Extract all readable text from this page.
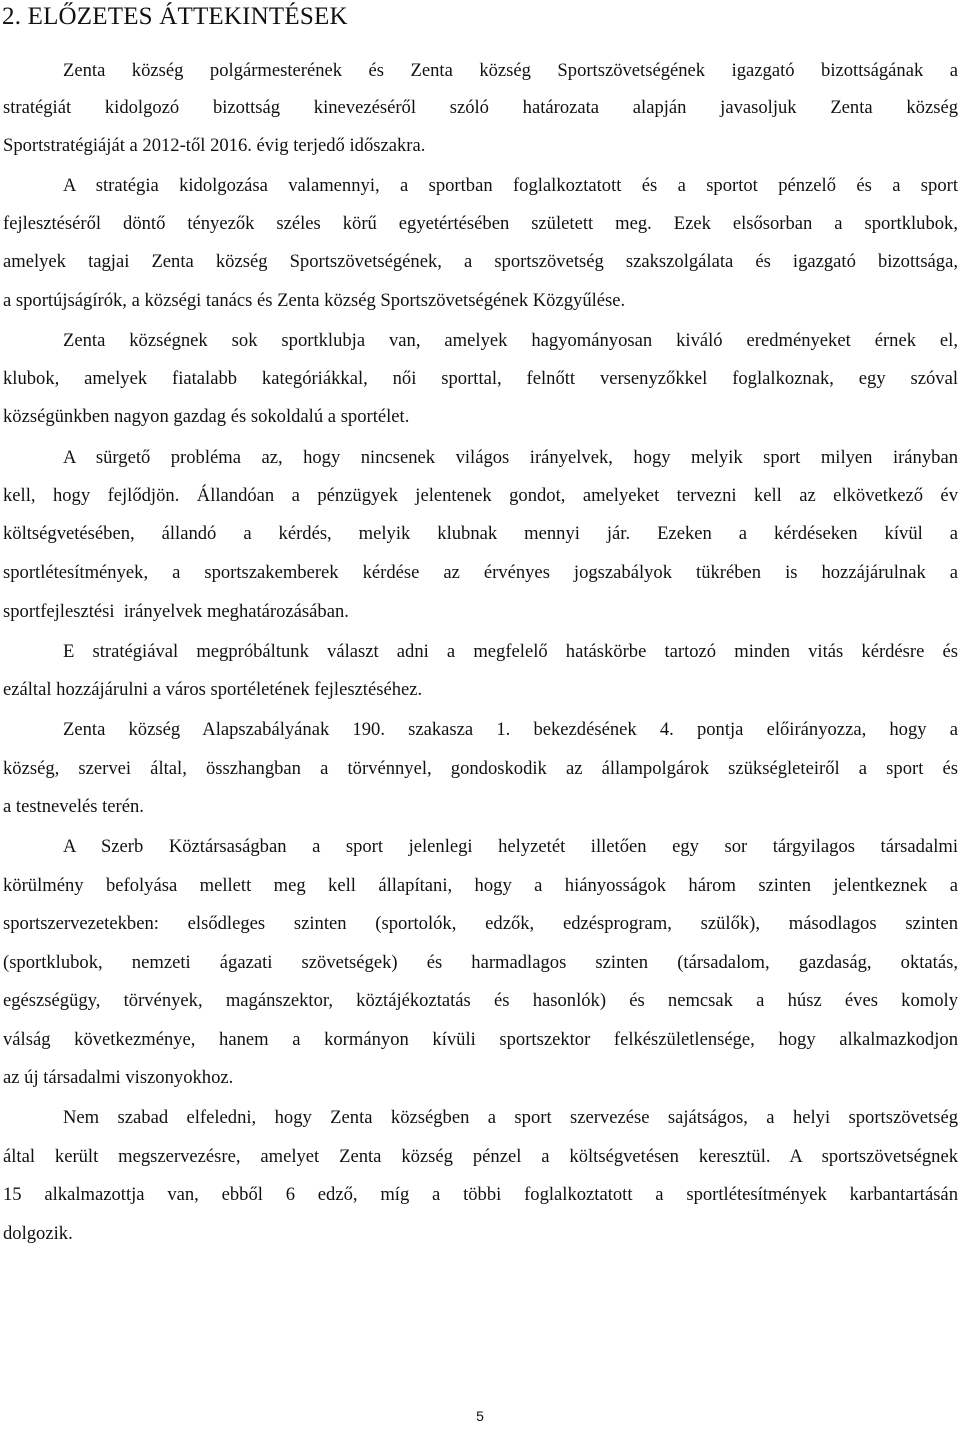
2. ELŐZETES ÁTTEKINTÉSEK
Zenta község polgármesterének és Zenta község Sportszövetségének igazgató bizottságának a
stratégiát kidolgozó bizottság kinevezéséről szóló határozata alapján javasoljuk Zenta község
Sportstratégiáját a 2012-től 2016. évig terjedő időszakra.
A stratégia kidolgozása valamennyi, a sportban foglalkoztatott és a sportot pénzelő és a sport
fejlesztéséről döntő tényezők széles körű egyetértésében született meg. Ezek elsősorban a sportklubok,
amelyek tagjai Zenta község Sportszövetségének, a sportszövetség szakszolgálata és igazgató bizottsága,
a sportújságírók, a községi tanács és Zenta község Sportszövetségének Közgyűlése.
Zenta községnek sok sportklubja van, amelyek hagyományosan kiváló eredményeket érnek el,
klubok, amelyek fiatalabb kategóriákkal, női sporttal, felnőtt versenyzőkkel foglalkoznak, egy szóval
községünkben nagyon gazdag és sokoldalú a sportélet.
A sürgető probléma az, hogy nincsenek világos irányelvek, hogy melyik sport milyen irányban
kell, hogy fejlődjön. Állandóan a pénzügyek jelentenek gondot, amelyeket tervezni kell az elkövetkező év
költségvetésében, állandó a kérdés, melyik klubnak mennyi jár. Ezeken a kérdéseken kívül a
sportlétesítmények, a sportszakemberek kérdése az érvényes jogszabályok tükrében is hozzájárulnak a
sportfejlesztési  irányelvek meghatározásában.
E stratégiával megpróbáltunk választ adni a megfelelő hatáskörbe tartozó minden vitás kérdésre és
ezáltal hozzájárulni a város sportéletének fejlesztéséhez.
Zenta község Alapszabályának 190. szakasza 1. bekezdésének 4. pontja előirányozza, hogy a
község, szervei által, összhangban a törvénnyel, gondoskodik az állampolgárok szükségleteiről a sport és
a testnevelés terén.
A Szerb Köztársaságban a sport jelenlegi helyzetét illetően egy sor tárgyilagos társadalmi
körülmény befolyása mellett meg kell állapítani, hogy a hiányosságok három szinten jelentkeznek a
sportszervezetekben: elsődleges szinten (sportolók, edzők, edzésprogram, szülők), másodlagos szinten
(sportklubok, nemzeti ágazati szövetségek) és harmadlagos szinten (társadalom, gazdaság, oktatás,
egészségügy, törvények, magánszektor, köztájékoztatás és hasonlók) és nemcsak a húsz éves komoly
válság következménye, hanem a kormányon kívüli sportszektor felkészületlensége, hogy alkalmazkodjon
az új társadalmi viszonyokhoz.
Nem szabad elfeledni, hogy Zenta községben a sport szervezése sajátságos, a helyi sportszövetség
által került megszervezésre, amelyet Zenta község pénzel a költségvetésen keresztül. A sportszövetségnek
15 alkalmazottja van, ebből 6 edző, míg a többi foglalkoztatott a sportlétesítmények karbantartásán
dolgozik.
5
